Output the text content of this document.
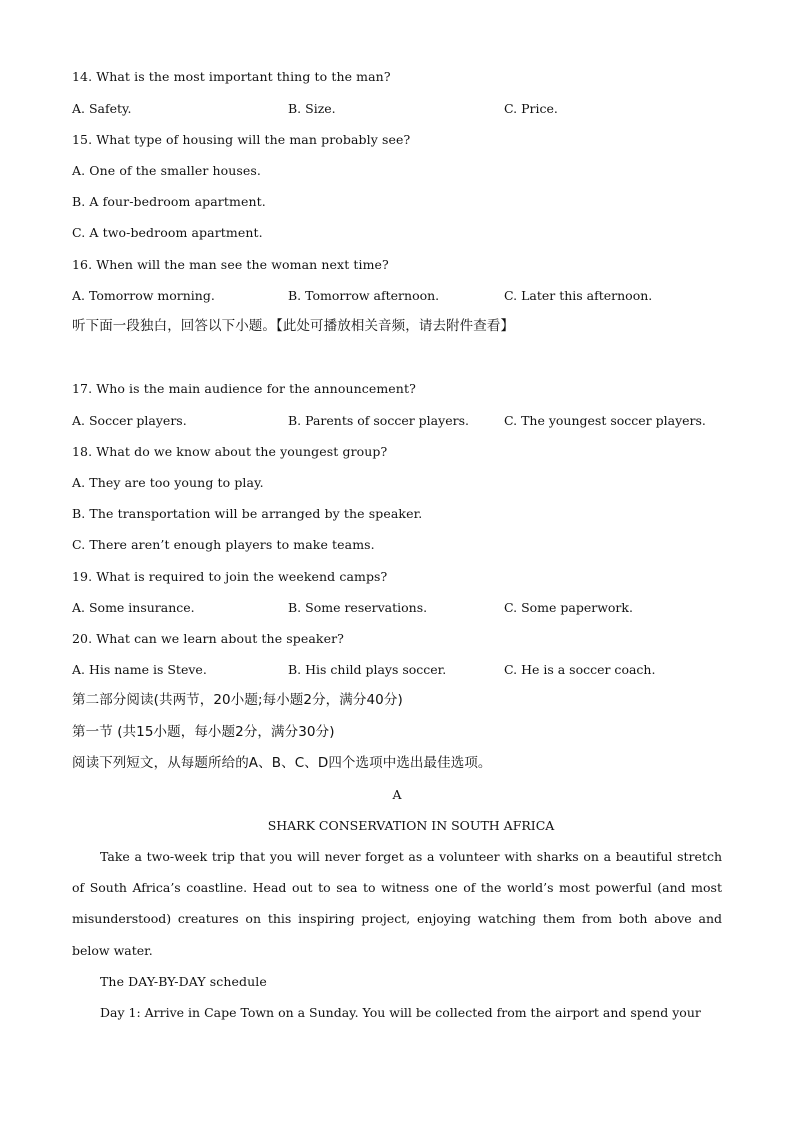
14. What is the most important thing to the man?
A. Safety.	B. Size.	C. Price.
15. What type of housing will the man probably see?
A. One of the smaller houses.
B. A four-bedroom apartment.
C. A two-bedroom apartment.
16. When will the man see the woman next time?
A. Tomorrow morning.	B. Tomorrow afternoon.	C. Later this afternoon.
听下面一段独白，回答以下小题。【此处可播放相关音频，请去附件查看】
17. Who is the main audience for the announcement?
A. Soccer players.	B. Parents of soccer players.	C. The youngest soccer players.
18. What do we know about the youngest group?
A. They are too young to play.
B. The transportation will be arranged by the speaker.
C. There aren’t enough players to make teams.
19. What is required to join the weekend camps?
A. Some insurance.	B. Some reservations.	C. Some paperwork.
20. What can we learn about the speaker?
A. His name is Steve.	B. His child plays soccer.	C. He is a soccer coach.
第二部分阅读(共两节，20小题;每小题2分，满分40分)
第一节 (共15小题，每小题2分，满分30分)
阅读下列短文，从每题所给的A、B、C、D四个选项中选出最佳选项。
A
SHARK CONSERVATION IN SOUTH AFRICA
Take a two-week trip that you will never forget as a volunteer with sharks on a beautiful stretch of South Africa’s coastline. Head out to sea to witness one of the world’s most powerful (and most misunderstood) creatures on this inspiring project, enjoying watching them from both above and below water.
The DAY-BY-DAY schedule
Day 1: Arrive in Cape Town on a Sunday. You will be collected from the airport and spend your
